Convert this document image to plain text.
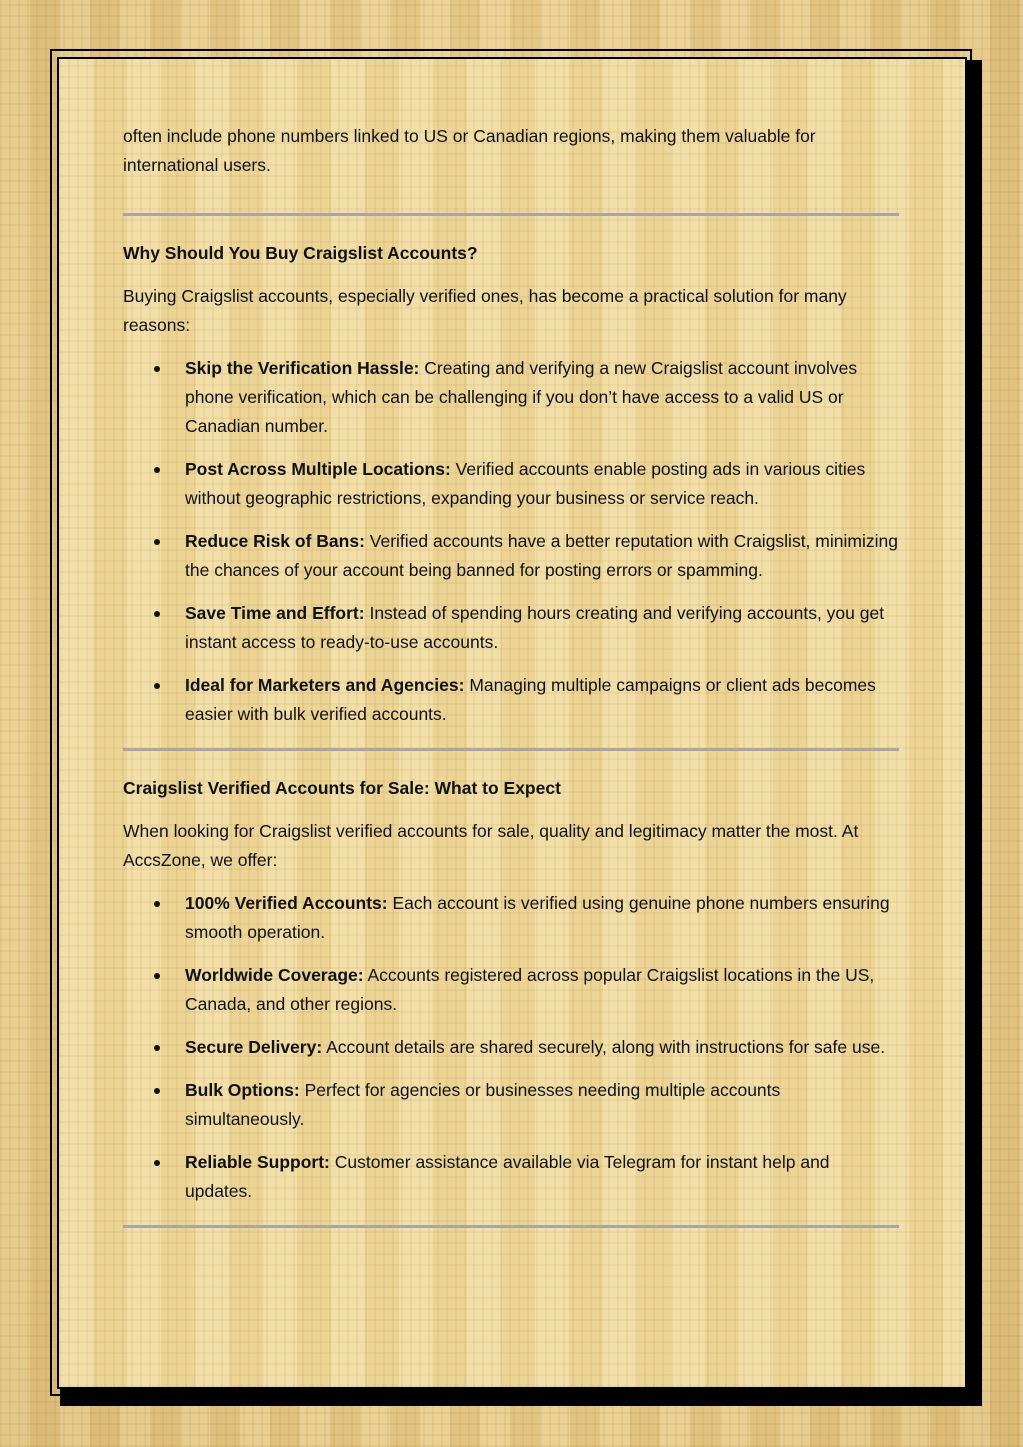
often include phone numbers linked to US or Canadian regions, making them valuable for international users.

Why Should You Buy Craigslist Accounts?

Buying Craigslist accounts, especially verified ones, has become a practical solution for many reasons:

Skip the Verification Hassle: Creating and verifying a new Craigslist account involves phone verification, which can be challenging if you don’t have access to a valid US or Canadian number.
Post Across Multiple Locations: Verified accounts enable posting ads in various cities without geographic restrictions, expanding your business or service reach.
Reduce Risk of Bans: Verified accounts have a better reputation with Craigslist, minimizing the chances of your account being banned for posting errors or spamming.
Save Time and Effort: Instead of spending hours creating and verifying accounts, you get instant access to ready-to-use accounts.
Ideal for Marketers and Agencies: Managing multiple campaigns or client ads becomes easier with bulk verified accounts.

Craigslist Verified Accounts for Sale: What to Expect

When looking for Craigslist verified accounts for sale, quality and legitimacy matter the most. At AccsZone, we offer:

100% Verified Accounts: Each account is verified using genuine phone numbers ensuring smooth operation.
Worldwide Coverage: Accounts registered across popular Craigslist locations in the US, Canada, and other regions.
Secure Delivery: Account details are shared securely, along with instructions for safe use.
Bulk Options: Perfect for agencies or businesses needing multiple accounts simultaneously.
Reliable Support: Customer assistance available via Telegram for instant help and updates.
